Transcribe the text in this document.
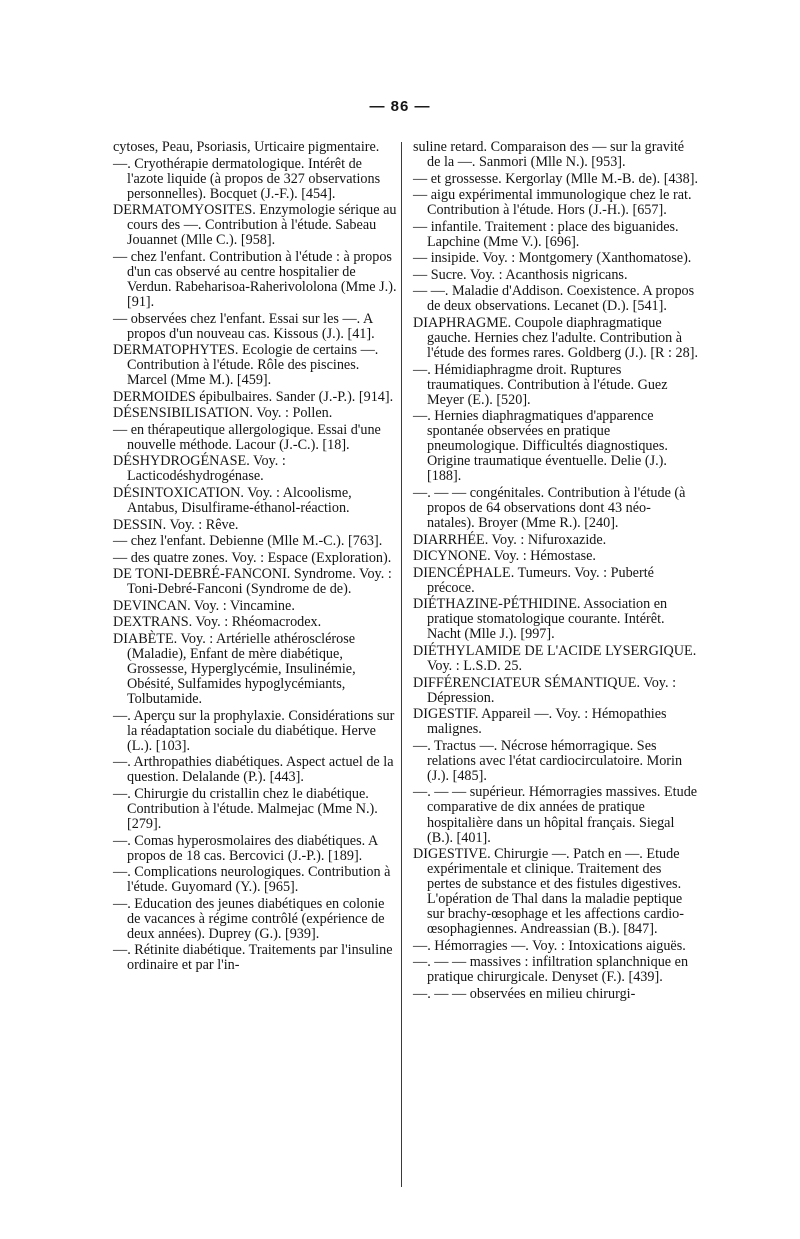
— 86 —
cytoses, Peau, Psoriasis, Urticaire pigmentaire.
—. Cryothérapie dermatologique. Intérêt de l'azote liquide (à propos de 327 observations personnelles). Bocquet (J.-F.). [454].
DERMATOMYOSITES. Enzymologie sérique au cours des —. Contribution à l'étude. Sabeau Jouannet (Mlle C.). [958].
— chez l'enfant. Contribution à l'étude : à propos d'un cas observé au centre hospitalier de Verdun. Rabeharisoa-Raherivololona (Mme J.). [91].
— observées chez l'enfant. Essai sur les —. A propos d'un nouveau cas. Kissous (J.). [41].
DERMATOPHYTES. Ecologie de certains —. Contribution à l'étude. Rôle des piscines. Marcel (Mme M.). [459].
DERMOIDES épibulbaires. Sander (J.-P.). [914].
DÉSENSIBILISATION. Voy. : Pollen.
— en thérapeutique allergologique. Essai d'une nouvelle méthode. Lacour (J.-C.). [18].
DÉSHYDROGÉNASE. Voy. : Lacticodéshydrogénase.
DÉSINTOXICATION. Voy. : Alcoolisme, Antabus, Disulfirame-éthanol-réaction.
DESSIN. Voy. : Rêve.
— chez l'enfant. Debienne (Mlle M.-C.). [763].
— des quatre zones. Voy. : Espace (Exploration).
DE TONI-DEBRÉ-FANCONI. Syndrome. Voy. : Toni-Debré-Fanconi (Syndrome de de).
DEVINCAN. Voy. : Vincamine.
DEXTRANS. Voy. : Rhéomacrodex.
DIABÈTE. Voy. : Artérielle athérosclérose (Maladie), Enfant de mère diabétique, Grossesse, Hyperglycémie, Insulinémie, Obésité, Sulfamides hypoglycémiants, Tolbutamide.
—. Aperçu sur la prophylaxie. Considérations sur la réadaptation sociale du diabétique. Herve (L.). [103].
—. Arthropathies diabétiques. Aspect actuel de la question. Delalande (P.). [443].
—. Chirurgie du cristallin chez le diabétique. Contribution à l'étude. Malmejac (Mme N.). [279].
—. Comas hyperosmolaires des diabétiques. A propos de 18 cas. Bercovici (J.-P.). [189].
—. Complications neurologiques. Contribution à l'étude. Guyomard (Y.). [965].
—. Education des jeunes diabétiques en colonie de vacances à régime contrôlé (expérience de deux années). Duprey (G.). [939].
—. Rétinite diabétique. Traitements par l'insuline ordinaire et par l'in-
suline retard. Comparaison des — sur la gravité de la —. Sanmori (Mlle N.). [953].
— et grossesse. Kergorlay (Mlle M.-B. de). [438].
— aigu expérimental immunologique chez le rat. Contribution à l'étude. Hors (J.-H.). [657].
— infantile. Traitement : place des biguanides. Lapchine (Mme V.). [696].
— insipide. Voy. : Montgomery (Xanthomatose).
— Sucre. Voy. : Acanthosis nigricans.
— —. Maladie d'Addison. Coexistence. A propos de deux observations. Lecanet (D.). [541].
DIAPHRAGME. Coupole diaphragmatique gauche. Hernies chez l'adulte. Contribution à l'étude des formes rares. Goldberg (J.). [R : 28].
—. Hémidiaphragme droit. Ruptures traumatiques. Contribution à l'étude. Guez Meyer (E.). [520].
—. Hernies diaphragmatiques d'apparence spontanée observées en pratique pneumologique. Difficultés diagnostiques. Origine traumatique éventuelle. Delie (J.). [188].
—. — — congénitales. Contribution à l'étude (à propos de 64 observations dont 43 néo-natales). Broyer (Mme R.). [240].
DIARRHÉE. Voy. : Nifuroxazide.
DICYNONE. Voy. : Hémostase.
DIENCÉPHALE. Tumeurs. Voy. : Puberté précoce.
DIÉTHAZINE-PÉTHIDINE. Association en pratique stomatologique courante. Intérêt. Nacht (Mlle J.). [997].
DIÉTHYLAMIDE DE L'ACIDE LYSERGIQUE. Voy. : L.S.D. 25.
DIFFÉRENCIATEUR SÉMANTIQUE. Voy. : Dépression.
DIGESTIF. Appareil —. Voy. : Hémopathies malignes.
—. Tractus —. Nécrose hémorragique. Ses relations avec l'état cardiocirculatoire. Morin (J.). [485].
—. — — supérieur. Hémorragies massives. Etude comparative de dix années de pratique hospitalière dans un hôpital français. Siegal (B.). [401].
DIGESTIVE. Chirurgie —. Patch en —. Etude expérimentale et clinique. Traitement des pertes de substance et des fistules digestives. L'opération de Thal dans la maladie peptique sur brachy-œsophage et les affections cardio-œsophagiennes. Andreassian (B.). [847].
—. Hémorragies —. Voy. : Intoxications aiguës.
—. — — massives : infiltration splanchnique en pratique chirurgicale. Denyset (F.). [439].
—. — — observées en milieu chirurgi-
